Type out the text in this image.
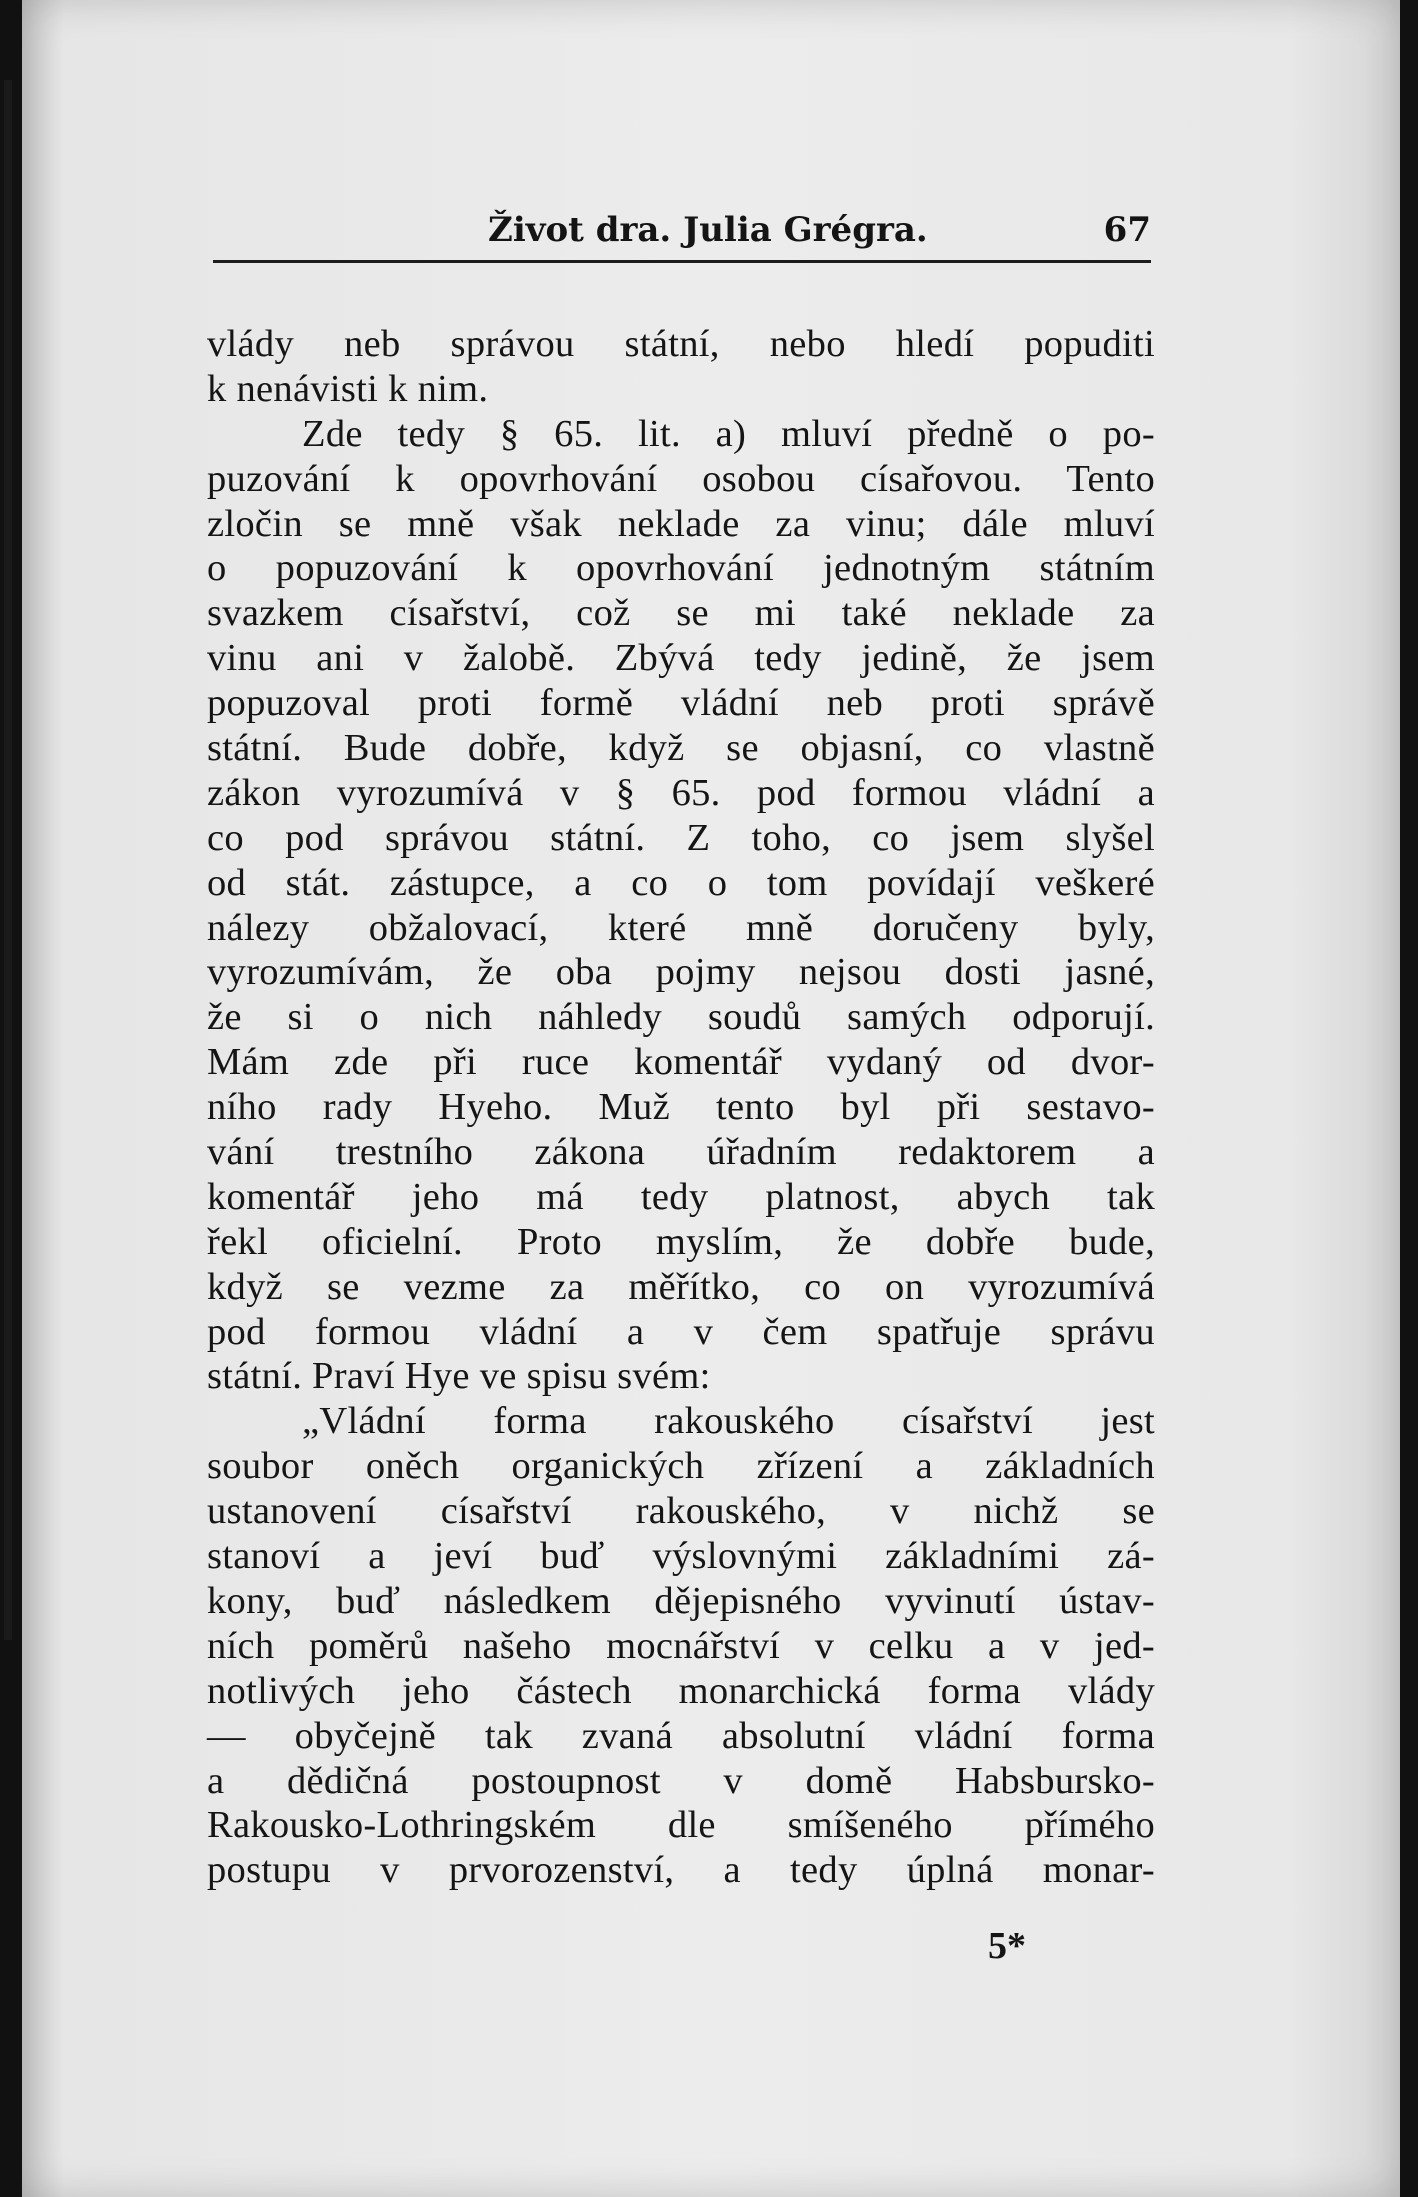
Život dra. Julia Grégra.	67
vlády neb správou státní, nebo hledí popuditi
k nenávisti k nim.
Zde tedy § 65. lit. a) mluví předně o po-
puzování k opovrhování osobou císařovou. Tento
zločin se mně však neklade za vinu; dále mluví
o popuzování k opovrhování jednotným státním
svazkem císařství, což se mi také neklade za
vinu ani v žalobě. Zbývá tedy jedině, že jsem
popuzoval proti formě vládní neb proti správě
státní. Bude dobře, když se objasní, co vlastně
zákon vyrozumívá v § 65. pod formou vládní a
co pod správou státní. Z toho, co jsem slyšel
od stát. zástupce, a co o tom povídají veškeré
nálezy obžalovací, které mně doručeny byly,
vyrozumívám, že oba pojmy nejsou dosti jasné,
že si o nich náhledy soudů samých odporují.
Mám zde při ruce komentář vydaný od dvor-
ního rady Hyeho. Muž tento byl při sestavo-
vání trestního zákona úřadním redaktorem a
komentář jeho má tedy platnost, abych tak
řekl oficielní. Proto myslím, že dobře bude,
když se vezme za měřítko, co on vyrozumívá
pod formou vládní a v čem spatřuje správu
státní. Praví Hye ve spisu svém:
„Vládní forma rakouského císařství jest
soubor oněch organických zřízení a základních
ustanovení císařství rakouského, v nichž se
stanoví a jeví buď výslovnými základními zá-
kony, buď následkem dějepisného vyvinutí ústav-
ních poměrů našeho mocnářství v celku a v jed-
notlivých jeho částech monarchická forma vlády
— obyčejně tak zvaná absolutní vládní forma
a dědičná postoupnost v domě Habsbursko-
Rakousko-Lothringském dle smíšeného přímého
postupu v prvorozenství, a tedy úplná monar-
5*
